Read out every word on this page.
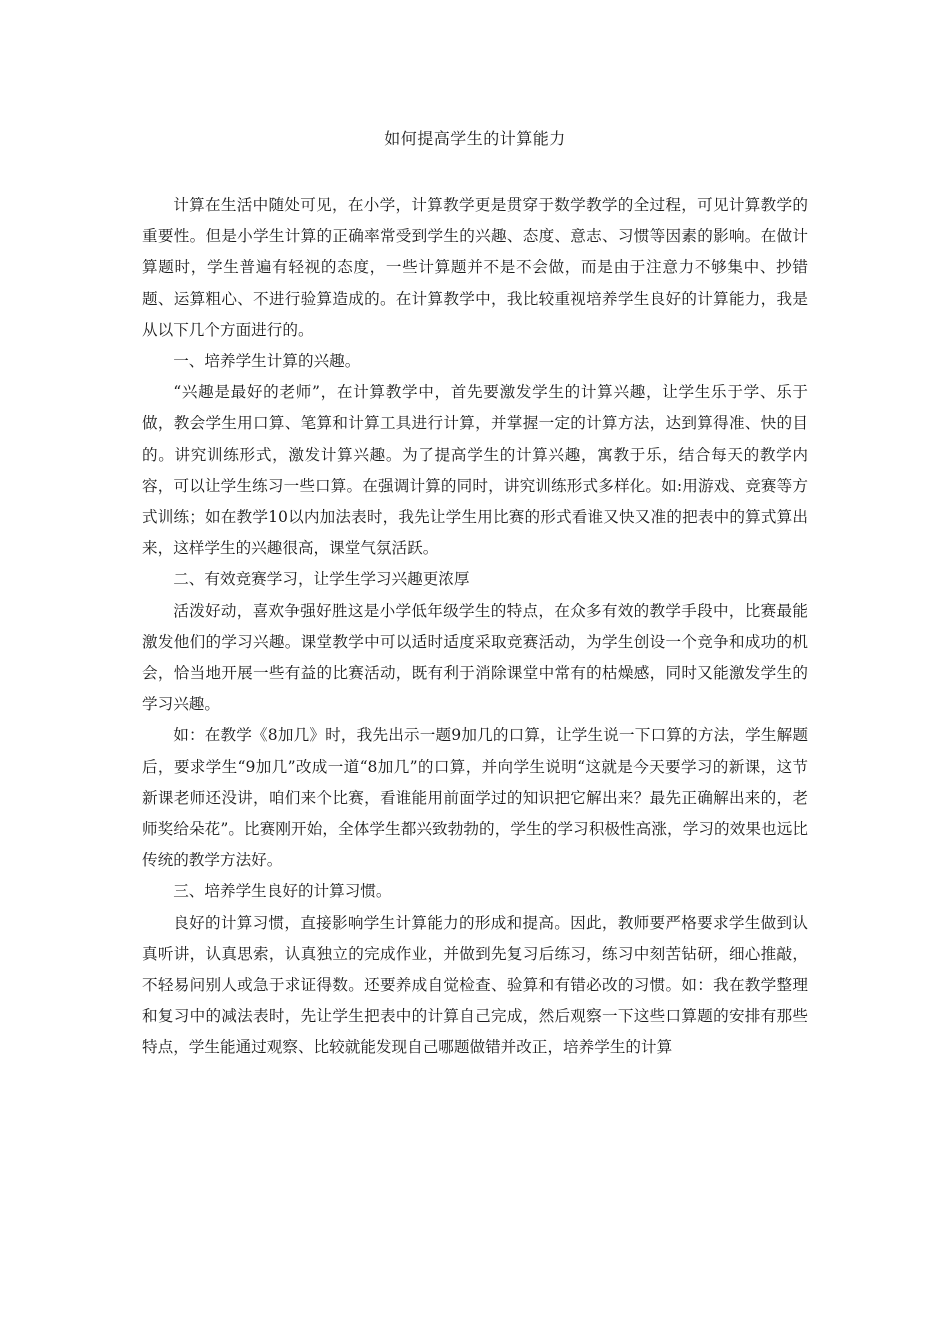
如何提高学生的计算能力

计算在生活中随处可见，在小学，计算教学更是贯穿于数学教学的全过程，可见计算教学的重要性。但是小学生计算的正确率常受到学生的兴趣、态度、意志、习惯等因素的影响。在做计算题时，学生普遍有轻视的态度，一些计算题并不是不会做，而是由于注意力不够集中、抄错题、运算粗心、不进行验算造成的。在计算教学中，我比较重视培养学生良好的计算能力，我是从以下几个方面进行的。

一、培养学生计算的兴趣。

“兴趣是最好的老师”，在计算教学中，首先要激发学生的计算兴趣，让学生乐于学、乐于做，教会学生用口算、笔算和计算工具进行计算，并掌握一定的计算方法，达到算得准、快的目的。讲究训练形式，激发计算兴趣。为了提高学生的计算兴趣，寓教于乐，结合每天的教学内容，可以让学生练习一些口算。在强调计算的同时，讲究训练形式多样化。如:用游戏、竞赛等方式训练；如在教学10以内加法表时，我先让学生用比赛的形式看谁又快又准的把表中的算式算出来，这样学生的兴趣很高，课堂气氛活跃。

二、有效竞赛学习，让学生学习兴趣更浓厚

活泼好动，喜欢争强好胜这是小学低年级学生的特点，在众多有效的教学手段中，比赛最能激发他们的学习兴趣。课堂教学中可以适时适度采取竞赛活动，为学生创设一个竞争和成功的机会，恰当地开展一些有益的比赛活动，既有利于消除课堂中常有的枯燥感，同时又能激发学生的学习兴趣。

如：在教学《8加几》时，我先出示一题9加几的口算，让学生说一下口算的方法，学生解题后，要求学生“9加几”改成一道“8加几”的口算，并向学生说明“这就是今天要学习的新课，这节新课老师还没讲，咱们来个比赛，看谁能用前面学过的知识把它解出来？最先正确解出来的，老师奖给朵花”。比赛刚开始，全体学生都兴致勃勃的，学生的学习积极性高涨，学习的效果也远比传统的教学方法好。

三、培养学生良好的计算习惯。

良好的计算习惯，直接影响学生计算能力的形成和提高。因此，教师要严格要求学生做到认真听讲，认真思索，认真独立的完成作业，并做到先复习后练习，练习中刻苦钻研，细心推敲，不轻易问别人或急于求证得数。还要养成自觉检查、验算和有错必改的习惯。如：我在教学整理和复习中的减法表时，先让学生把表中的计算自己完成，然后观察一下这些口算题的安排有那些特点，学生能通过观察、比较就能发现自己哪题做错并改正，培养学生的计算
